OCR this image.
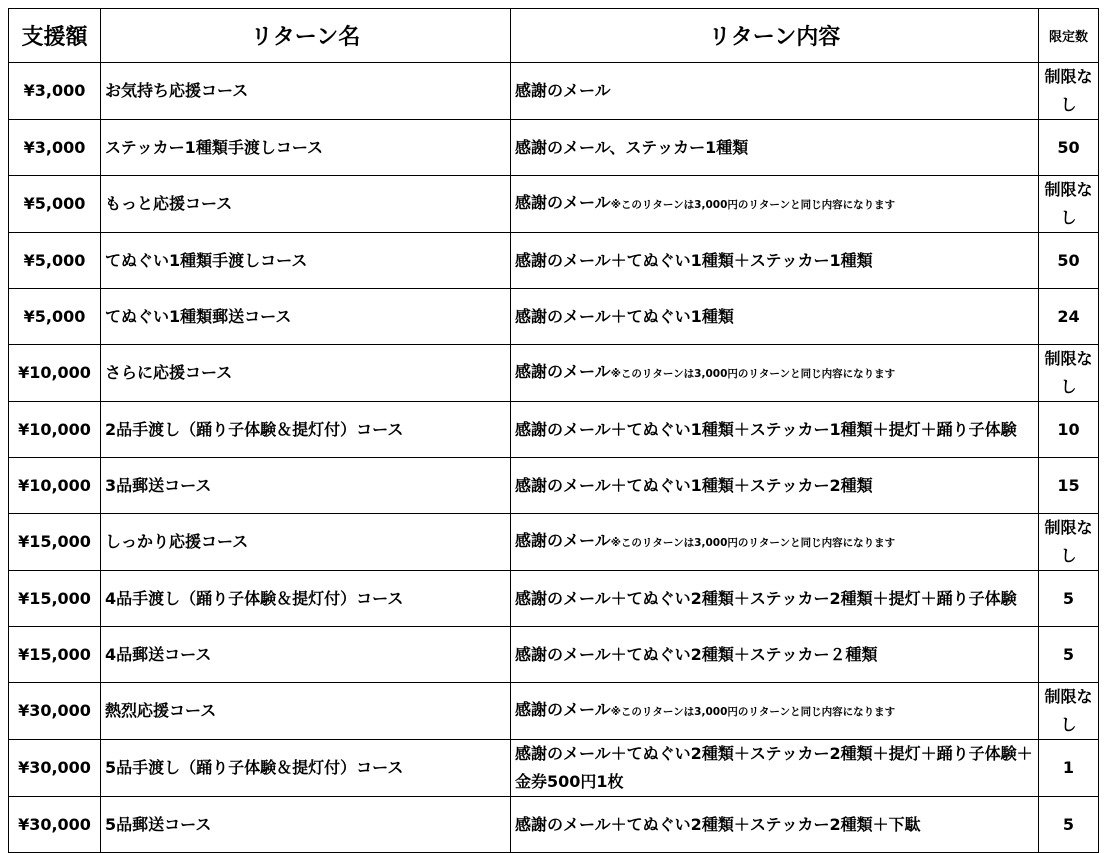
支援額	リターン名	リターン内容	限定数
¥3,000	お気持ち応援コース	感謝のメール	制限なし
¥3,000	ステッカー1種類手渡しコース	感謝のメール、ステッカー1種類	50
¥5,000	もっと応援コース	感謝のメール※このリターンは3,000円のリターンと同じ内容になります	制限なし
¥5,000	てぬぐい1種類手渡しコース	感謝のメール＋てぬぐい1種類＋ステッカー1種類	50
¥5,000	てぬぐい1種類郵送コース	感謝のメール＋てぬぐい1種類	24
¥10,000	さらに応援コース	感謝のメール※このリターンは3,000円のリターンと同じ内容になります	制限なし
¥10,000	2品手渡し（踊り子体験＆提灯付）コース	感謝のメール＋てぬぐい1種類＋ステッカー1種類＋提灯＋踊り子体験	10
¥10,000	3品郵送コース	感謝のメール＋てぬぐい1種類＋ステッカー2種類	15
¥15,000	しっかり応援コース	感謝のメール※このリターンは3,000円のリターンと同じ内容になります	制限なし
¥15,000	4品手渡し（踊り子体験＆提灯付）コース	感謝のメール＋てぬぐい2種類＋ステッカー2種類＋提灯＋踊り子体験	5
¥15,000	4品郵送コース	感謝のメール＋てぬぐい2種類＋ステッカー２種類	5
¥30,000	熱烈応援コース	感謝のメール※このリターンは3,000円のリターンと同じ内容になります	制限なし
¥30,000	5品手渡し（踊り子体験＆提灯付）コース	感謝のメール＋てぬぐい2種類＋ステッカー2種類＋提灯＋踊り子体験＋金券500円1枚	1
¥30,000	5品郵送コース	感謝のメール＋てぬぐい2種類＋ステッカー2種類＋下駄	5
